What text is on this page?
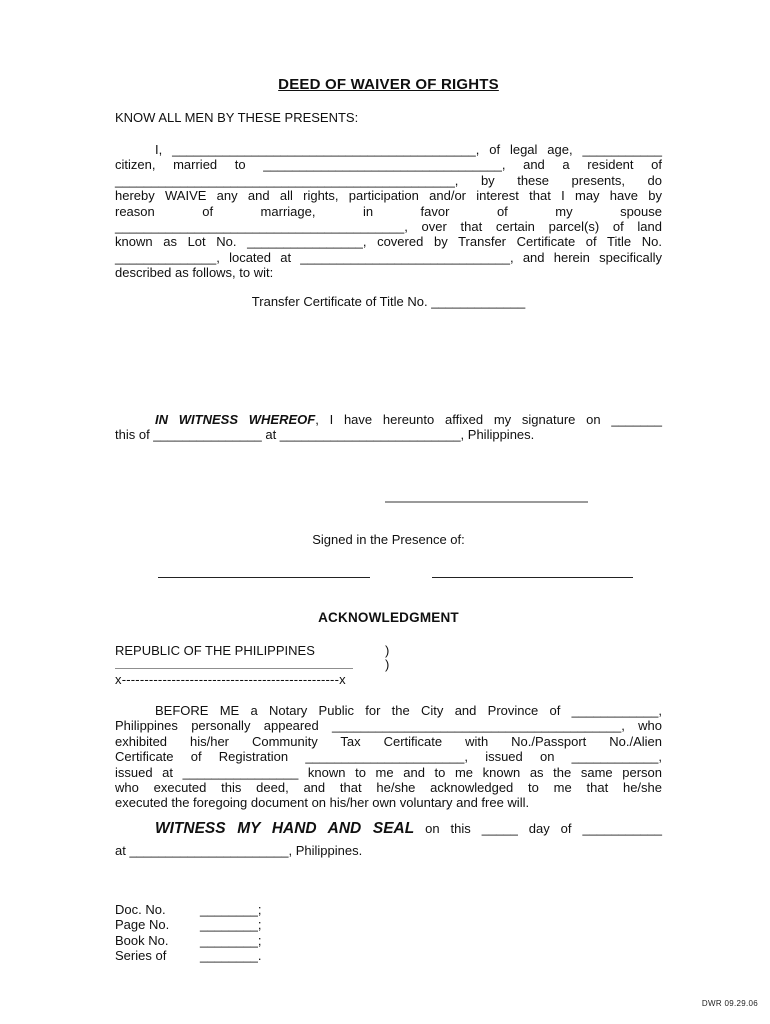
DEED OF WAIVER OF RIGHTS
KNOW ALL MEN BY THESE PRESENTS:
I, __________________________________________, of legal age, ___________
citizen, married to _________________________________, and a resident of
_______________________________________________, by these presents, do
hereby WAIVE any and all rights, participation and/or interest that I may have by
reason of marriage, in favor of my spouse
________________________________________, over that certain parcel(s) of land
known as Lot No. ________________, covered by Transfer Certificate of Title No.
______________, located at _____________________________, and herein specifically
described as follows, to wit:
Transfer Certificate of Title No. _____________
IN WITNESS WHEREOF, I have hereunto affixed my signature on _______
this of _______________ at _________________________, Philippines.
Signed in the Presence of:
ACKNOWLEDGMENT
REPUBLIC OF THE PHILIPPINES	)
)
x------------------------------------------------x
BEFORE ME a Notary Public for the City and Province of ____________,
Philippines personally appeared ________________________________________, who
exhibited his/her Community Tax Certificate with No./Passport No./Alien
Certificate of Registration ______________________, issued on ____________,
issued at ________________ known to me and to me known as the same person
who executed this deed, and that he/she acknowledged to me that he/she
executed the foregoing document on his/her own voluntary and free will.
WITNESS MY HAND AND SEAL on this _____ day of ___________
at ______________________, Philippines.
Doc. No.	________;
Page No. ________;
Book No. ________;
Series of	________.
DWR 09.29.06
